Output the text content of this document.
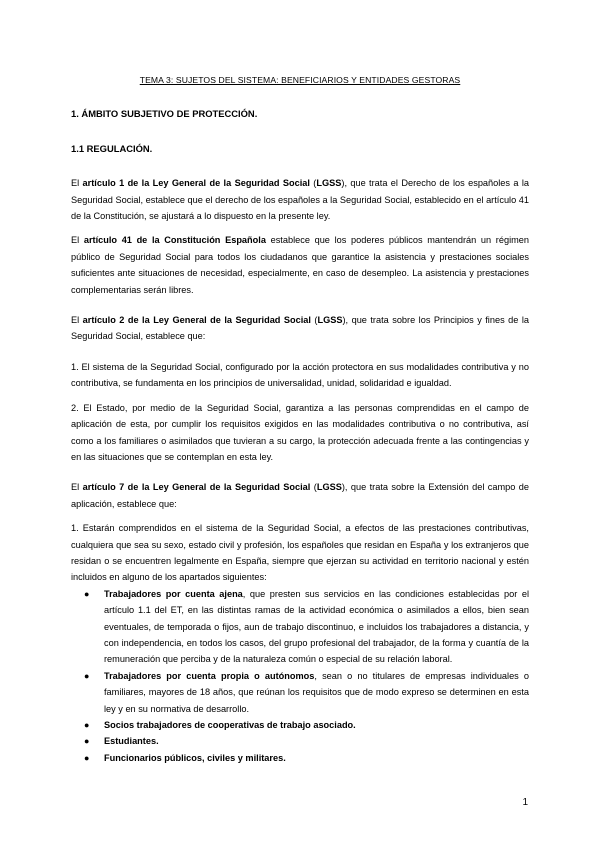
TEMA 3: SUJETOS DEL SISTEMA: BENEFICIARIOS Y ENTIDADES GESTORAS
1. ÁMBITO SUBJETIVO DE PROTECCIÓN.
1.1 REGULACIÓN.

El artículo 1 de la Ley General de la Seguridad Social (LGSS), que trata el Derecho de los españoles a la Seguridad Social, establece que el derecho de los españoles a la Seguridad Social, establecido en el artículo 41 de la Constitución, se ajustará a lo dispuesto en la presente ley.

El artículo 41 de la Constitución Española establece que los poderes públicos mantendrán un régimen público de Seguridad Social para todos los ciudadanos que garantice la asistencia y prestaciones sociales suficientes ante situaciones de necesidad, especialmente, en caso de desempleo. La asistencia y prestaciones complementarias serán libres.

El artículo 2 de la Ley General de la Seguridad Social (LGSS), que trata sobre los Principios y fines de la Seguridad Social, establece que:

1. El sistema de la Seguridad Social, configurado por la acción protectora en sus modalidades contributiva y no contributiva, se fundamenta en los principios de universalidad, unidad, solidaridad e igualdad.

2. El Estado, por medio de la Seguridad Social, garantiza a las personas comprendidas en el campo de aplicación de esta, por cumplir los requisitos exigidos en las modalidades contributiva o no contributiva, así como a los familiares o asimilados que tuvieran a su cargo, la protección adecuada frente a las contingencias y en las situaciones que se contemplan en esta ley.

El artículo 7 de la Ley General de la Seguridad Social (LGSS), que trata sobre la Extensión del campo de aplicación, establece que:

1. Estarán comprendidos en el sistema de la Seguridad Social, a efectos de las prestaciones contributivas, cualquiera que sea su sexo, estado civil y profesión, los españoles que residan en España y los extranjeros que residan o se encuentren legalmente en España, siempre que ejerzan su actividad en territorio nacional y estén incluidos en alguno de los apartados siguientes:

● Trabajadores por cuenta ajena, que presten sus servicios en las condiciones establecidas por el artículo 1.1 del ET, en las distintas ramas de la actividad económica o asimilados a ellos, bien sean eventuales, de temporada o fijos, aun de trabajo discontinuo, e incluidos los trabajadores a distancia, y con independencia, en todos los casos, del grupo profesional del trabajador, de la forma y cuantía de la remuneración que perciba y de la naturaleza común o especial de su relación laboral.
● Trabajadores por cuenta propia o autónomos, sean o no titulares de empresas individuales o familiares, mayores de 18 años, que reúnan los requisitos que de modo expreso se determinen en esta ley y en su normativa de desarrollo.
● Socios trabajadores de cooperativas de trabajo asociado.
● Estudiantes.
● Funcionarios públicos, civiles y militares.
1
